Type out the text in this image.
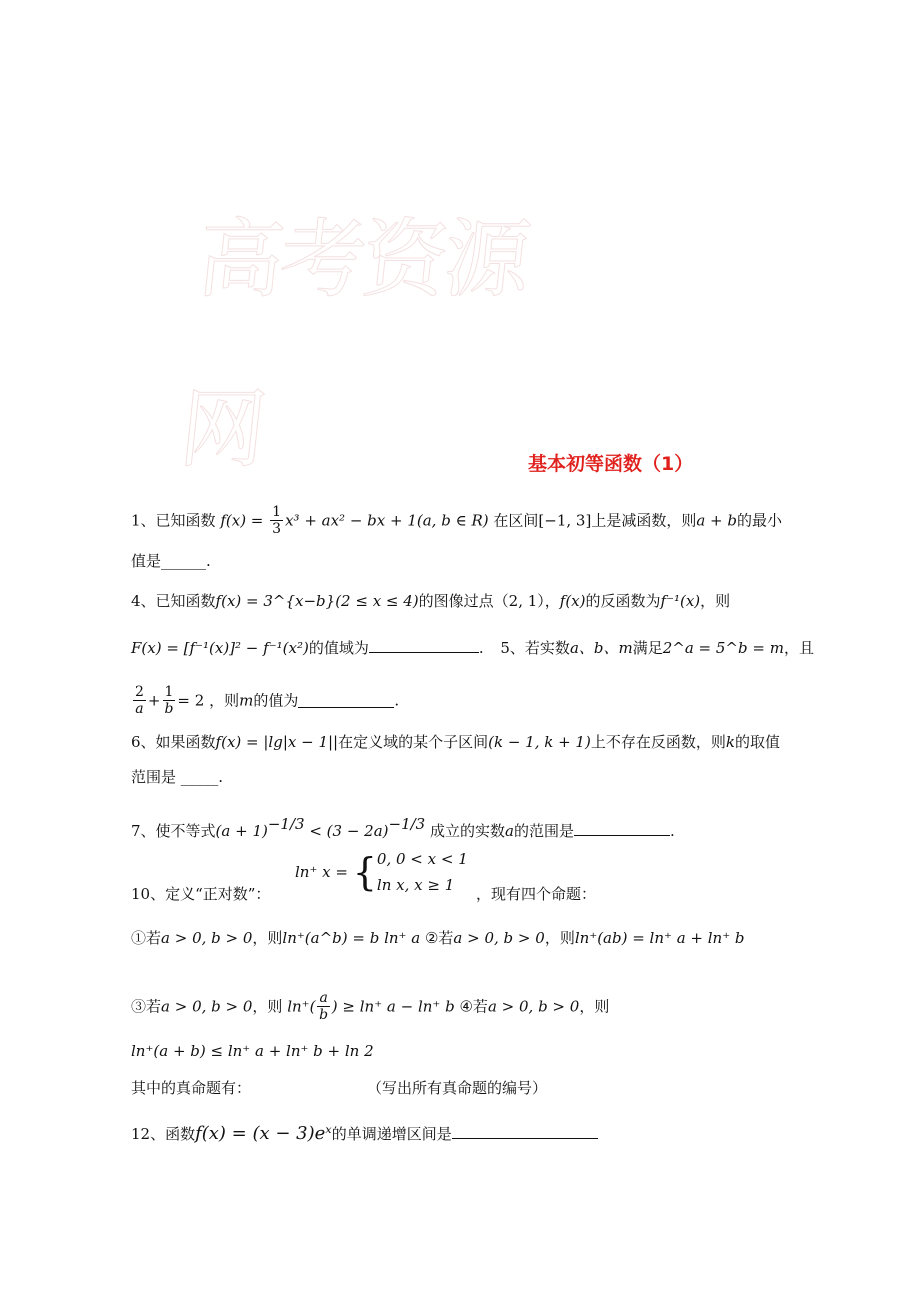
高考资源网	基本初等函数（1）
1、已知函数 $f(x) = \frac{1}{3} x^3 + ax^2$ − bx + 1(a, b ∈ R) 在区间[−1, 3]上是减函数，则a + b的最小
值是______.
4、已知函数f(x) = 3^{x−b}(2 ≤ x ≤ 4)的图像过点（2, 1），f(x)的反函数为f⁻¹(x)，则
F(x) = [f⁻¹(x)]² − f⁻¹(x²)的值域为	. 5、若实数a、b、m满足2^a = 5^b = m，且
$\frac{2}{a} + \frac{1}{b} = 2$ ，则m的值为	.
6、如果函数f(x) = |lg|x − 1||在定义域的某个子区间(k − 1, k + 1)上不存在反函数，则k的取值
范围是 _____.
7、使不等式$(a + 1)^{-1/3} < (3 - 2a)^{-1/3}$ 成立的实数a的范围是	.
ln⁺ x = { 0, 0 < x < 1
ln x, x ≥ 1
10、定义“正对数”：	，现有四个命题：
①若a > 0, b > 0，则ln⁺(a^b) = b ln⁺ a ②若a > 0, b > 0，则ln⁺(ab) = ln⁺ a + ln⁺ b
③若a > 0, b > 0，则 $\ln^+( \frac{a}{b}$ ) ≥ ln⁺ a − ln⁺ b ④若a > 0, b > 0，则
ln⁺(a + b) ≤ ln⁺ a + ln⁺ b + ln 2
其中的真命题有：	（写出所有真命题的编号）
12、函数f(x) = (x − 3)eˣ的单调递增区间是
